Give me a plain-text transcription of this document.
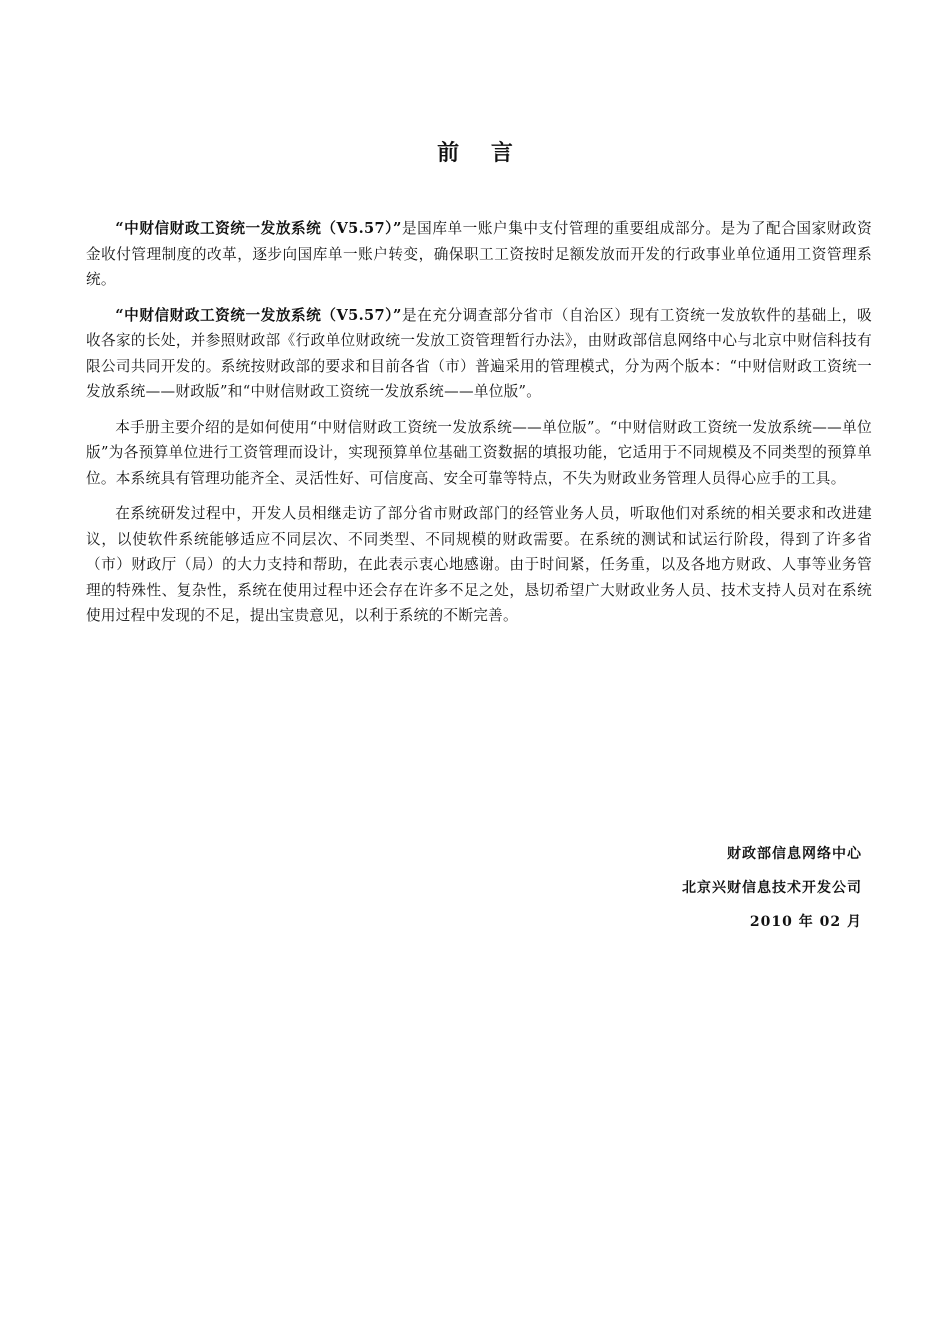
前 言

“中财信财政工资统一发放系统（V5.57）”是国库单一账户集中支付管理的重要组成部分。是为了配合国家财政资金收付管理制度的改革，逐步向国库单一账户转变，确保职工工资按时足额发放而开发的行政事业单位通用工资管理系统。

“中财信财政工资统一发放系统（V5.57）”是在充分调查部分省市（自治区）现有工资统一发放软件的基础上，吸收各家的长处，并参照财政部《行政单位财政统一发放工资管理暂行办法》，由财政部信息网络中心与北京中财信科技有限公司共同开发的。系统按财政部的要求和目前各省（市）普遍采用的管理模式，分为两个版本：“中财信财政工资统一发放系统——财政版”和“中财信财政工资统一发放系统——单位版”。

本手册主要介绍的是如何使用“中财信财政工资统一发放系统——单位版”。“中财信财政工资统一发放系统——单位版”为各预算单位进行工资管理而设计，实现预算单位基础工资数据的填报功能，它适用于不同规模及不同类型的预算单位。本系统具有管理功能齐全、灵活性好、可信度高、安全可靠等特点，不失为财政业务管理人员得心应手的工具。

在系统研发过程中，开发人员相继走访了部分省市财政部门的经管业务人员，听取他们对系统的相关要求和改进建议，以使软件系统能够适应不同层次、不同类型、不同规模的财政需要。在系统的测试和试运行阶段，得到了许多省（市）财政厅（局）的大力支持和帮助，在此表示衷心地感谢。由于时间紧，任务重，以及各地方财政、人事等业务管理的特殊性、复杂性，系统在使用过程中还会存在许多不足之处，恳切希望广大财政业务人员、技术支持人员对在系统使用过程中发现的不足，提出宝贵意见，以利于系统的不断完善。

财政部信息网络中心
北京兴财信息技术开发公司
2010 年 02 月
